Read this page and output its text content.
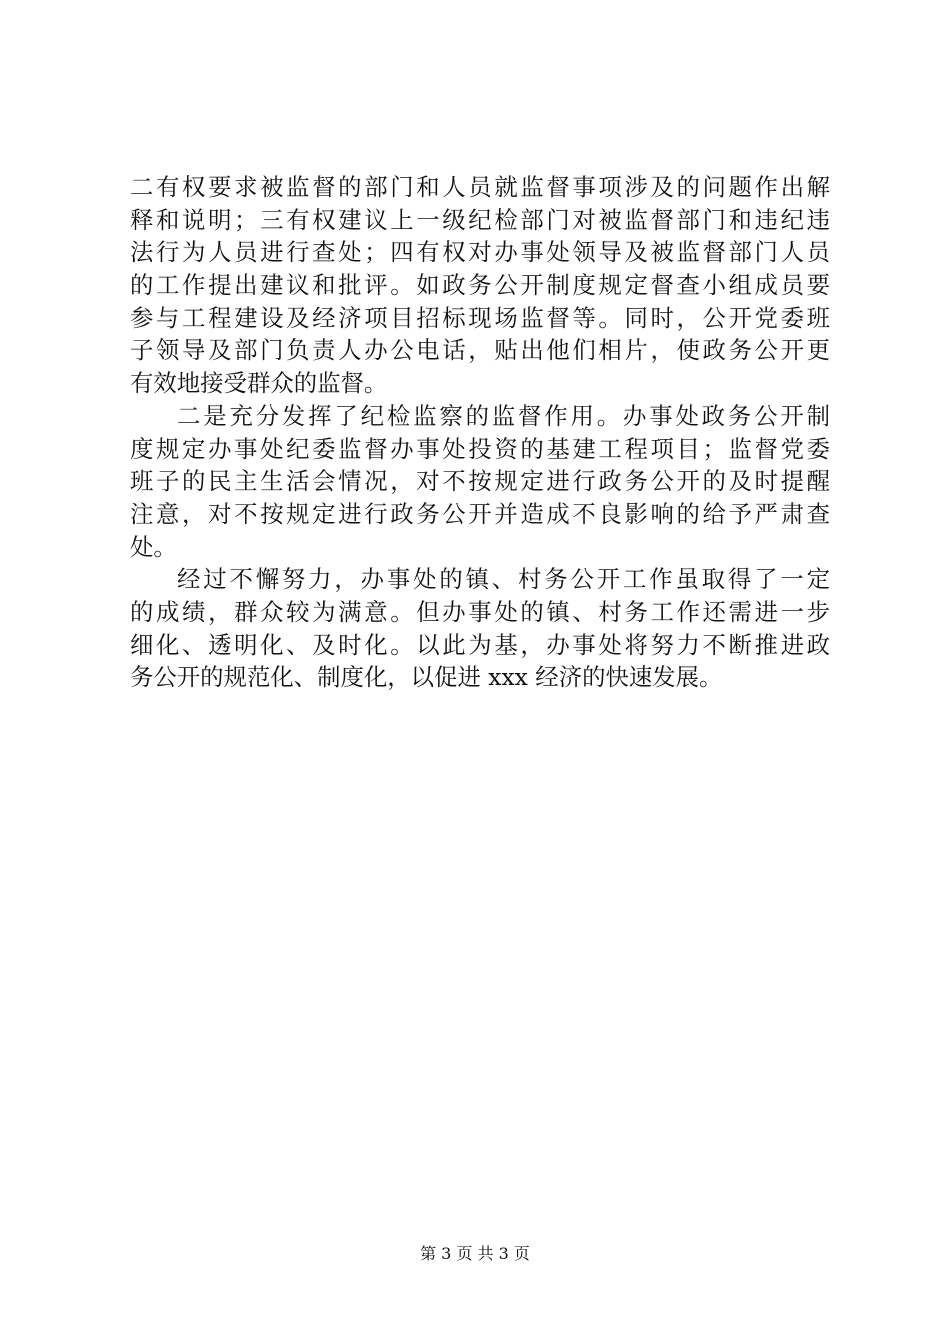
二有权要求被监督的部门和人员就监督事项涉及的问题作出解
释和说明；三有权建议上一级纪检部门对被监督部门和违纪违
法行为人员进行查处；四有权对办事处领导及被监督部门人员
的工作提出建议和批评。如政务公开制度规定督查小组成员要
参与工程建设及经济项目招标现场监督等。同时，公开党委班
子领导及部门负责人办公电话，贴出他们相片，使政务公开更
有效地接受群众的监督。
二是充分发挥了纪检监察的监督作用。办事处政务公开制
度规定办事处纪委监督办事处投资的基建工程项目；监督党委
班子的民主生活会情况，对不按规定进行政务公开的及时提醒
注意，对不按规定进行政务公开并造成不良影响的给予严肃查
处。
经过不懈努力，办事处的镇、村务公开工作虽取得了一定
的成绩，群众较为满意。但办事处的镇、村务工作还需进一步
细化、透明化、及时化。以此为基，办事处将努力不断推进政
务公开的规范化、制度化，以促进 xxx 经济的快速发展。
第 3 页 共 3 页
